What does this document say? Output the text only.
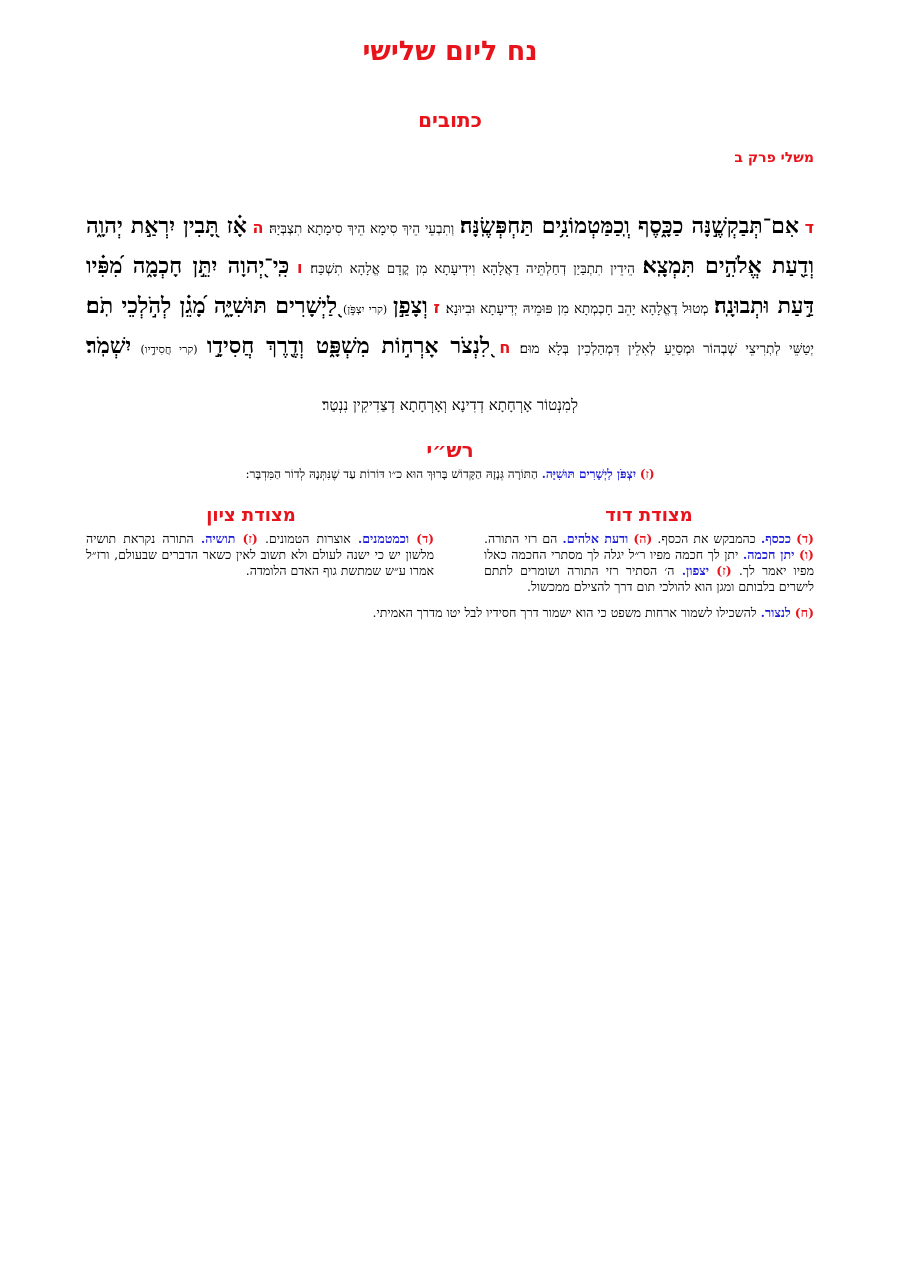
נח ליום שלישי
כתובים
משלי פרק ב
ד אִם־תְּבַקְשֶׁ֣נָּה כַכָּ֑סֶף וְֽכַמַּטְמוֹנִ֥ים תַּחְפְּשֶֽׂנָּה׃ וְתִבְעֵי הֵיךְ סִימָא הֵיךְ סִימָתָא תִצְבְּיָהּ׃ ה אָ֗ז תָּ֭בִין יִרְאַ֣ת יְהוָ֑ה וְדַ֖עַת אֱלֹהִ֣ים תִּמְצָֽא׃ הֵידֵין תִתְבַּיַן דְחַלְתֵּיה דַאֲלָהָא וִידִיעָתָא מִן קֳדָם אֱלָהָא תִשְׁכַּח׃ ו כִּֽי־יְ֭הוָה יִתֵּ֣ן חָכְמָ֑ה מִ֝פִּ֗יו דַּ֣עַת וּתְבוּנָֽה׃ מְטוּל דֶאֱלָהָא יָהֵב חָכְמְתָא מִן פּוּמֵיהּ יְדִיעָתָא וּבִיוּנָא׃ ז וְצָפַ֣ן (קרי יִצְפֹּ֣ן) לַ֭יְשָׁרִים תּוּשִׁיָּ֑ה מָ֝גֵ֗ן לְהֹ֣לְכֵי תֹֽם׃ יְטַשֵּׁי לְתְרִיצֵי שְׁבְהוֹר וּמְסַיֵעַ לְאִלֵין דִּמְהַלְכִין בְּלָא מוּם׃ ח לִ֭נְצֹר אָרְח֣וֹת מִשְׁפָּ֑ט וְדֶ֖רֶךְ חֲסִידָ֣ו (קרי חֲסִידָ֣יו) יִשְׁמֹֽר׃
לְמִנְטוֹר אָרְחָתָא דְדִינָא וְאָרְחָתָא דְצַדִיקִין נִנְטַר׃
רש״י
(ז) יִצְפֹּן לַיְשָׁרִים תּוּשִׁיָּה. הַתּוֹרָה גְּנָזָהּ הַקָּדוֹשׁ בָּרוּךְ הוּא כ״ו דּוֹרוֹת עַד שֶׁנִּתְּנָהּ לְדוֹר הַמִּדְבָּר:
מצודת דוד
מצודת ציון
(ד) ככסף. כהמבקש את הכסף. (ה) ודעת אלהים. הם רזי התורה. (ו) יתן חכמה. יתן לך חכמה מפיו ר״ל יגלה לך מסתרי החכמה כאלו מפיו יאמר לך. (ז) יצפון. ה׳ הסתיר רזי התורה ושומרים לתתם לישרים בלבותם ומגן הוא להולכי תום דרך להצילם ממכשול.
(ד) וכמטמנים. אוצרות הטמונים. (ז) תושיה. התורה נקראת תושיה מלשון יש כי ישנה לעולם ולא תשוב לאין כשאר הדברים שבעולם, ורז״ל אמרו ע״ש שמתשת גוף האדם הלומדה.
(ח) לנצור. להשכילו לשמור ארחות משפט כי הוא ישמור דרך חסידיו לבל יטו מדרך האמיתי.
